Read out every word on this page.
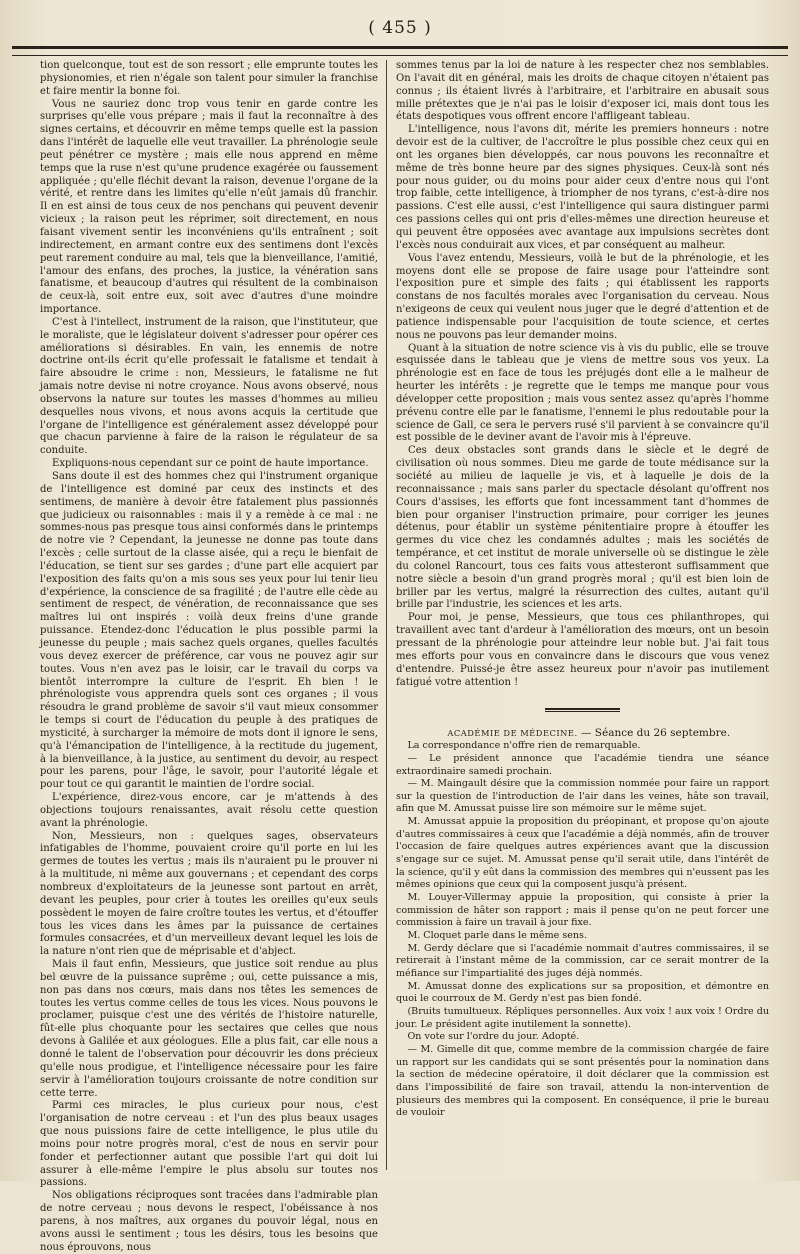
( 455 )

tion quelconque, tout est de son ressort ; elle emprunte toutes les physionomies, et rien n'égale son talent pour simuler la franchise et faire mentir la bonne foi.

Vous ne sauriez donc trop vous tenir en garde contre les surprises qu'elle vous prépare ; mais il faut la reconnaître à des signes certains, et découvrir en même temps quelle est la passion dans l'intérêt de laquelle elle veut travailler. La phrénologie seule peut pénétrer ce mystère ; mais elle nous apprend en même temps que la ruse n'est qu'une prudence exagérée ou faussement appliquée ; qu'elle fléchit devant la raison, devenue l'organe de la vérité, et rentre dans les limites qu'elle n'eût jamais dû franchir. Il en est ainsi de tous ceux de nos penchans qui peuvent devenir vicieux ; la raison peut les réprimer, soit directement, en nous faisant vivement sentir les inconvéniens qu'ils entraînent ; soit indirectement, en armant contre eux des sentimens dont l'excès peut rarement conduire au mal, tels que la bienveillance, l'amitié, l'amour des enfans, des proches, la justice, la vénération sans fanatisme, et beaucoup d'autres qui résultent de la combinaison de ceux-là, soit entre eux, soit avec d'autres d'une moindre importance.

C'est à l'intellect, instrument de la raison, que l'instituteur, que le moraliste, que le législateur doivent s'adresser pour opérer ces améliorations si désirables. En vain, les ennemis de notre doctrine ont-ils écrit qu'elle professait le fatalisme et tendait à faire absoudre le crime : non, Messieurs, le fatalisme ne fut jamais notre devise ni notre croyance. Nous avons observé, nous observons la nature sur toutes les masses d'hommes au milieu desquelles nous vivons, et nous avons acquis la certitude que l'organe de l'intelligence est généralement assez développé pour que chacun parvienne à faire de la raison le régulateur de sa conduite.

Expliquons-nous cependant sur ce point de haute importance.

Sans doute il est des hommes chez qui l'instrument organique de l'intelligence est dominé par ceux des instincts et des sentimens, de manière à devoir être fatalement plus passionnés que judicieux ou raisonnables : mais il y a remède à ce mal : ne sommes-nous pas presque tous ainsi conformés dans le printemps de notre vie ? Cependant, la jeunesse ne donne pas toute dans l'excès ; celle surtout de la classe aisée, qui a reçu le bienfait de l'éducation, se tient sur ses gardes ; d'une part elle acquiert par l'exposition des faits qu'on a mis sous ses yeux pour lui tenir lieu d'expérience, la conscience de sa fragilité ; de l'autre elle cède au sentiment de respect, de vénération, de reconnaissance que ses maîtres lui ont inspirés : voilà deux freins d'une grande puissance. Etendez-donc l'éducation le plus possible parmi la jeunesse du peuple ; mais sachez quels organes, quelles facultés vous devez exercer de préférence, car vous ne pouvez agir sur toutes. Vous n'en avez pas le loisir, car le travail du corps va bientôt interrompre la culture de l'esprit. Eh bien ! le phrénologiste vous apprendra quels sont ces organes ; il vous résoudra le grand problème de savoir s'il vaut mieux consommer le temps si court de l'éducation du peuple à des pratiques de mysticité, à surcharger la mémoire de mots dont il ignore le sens, qu'à l'émancipation de l'intelligence, à la rectitude du jugement, à la bienveillance, à la justice, au sentiment du devoir, au respect pour les parens, pour l'âge, le savoir, pour l'autorité légale et pour tout ce qui garantit le maintien de l'ordre social.

L'expérience, direz-vous encore, car je m'attends à des objections toujours renaissantes, avait résolu cette question avant la phrénologie.

Non, Messieurs, non : quelques sages, observateurs infatigables de l'homme, pouvaient croire qu'il porte en lui les germes de toutes les vertus ; mais ils n'auraient pu le prouver ni à la multitude, ni même aux gouvernans ; et cependant des corps nombreux d'exploitateurs de la jeunesse sont partout en arrêt, devant les peuples, pour crier à toutes les oreilles qu'eux seuls possèdent le moyen de faire croître toutes les vertus, et d'étouffer tous les vices dans les âmes par la puissance de certaines formules consacrées, et d'un merveilleux devant lequel les lois de la nature n'ont rien que de méprisable et d'abject.

Mais il faut enfin, Messieurs, que justice soit rendue au plus bel œuvre de la puissance suprême ; oui, cette puissance a mis, non pas dans nos cœurs, mais dans nos têtes les semences de toutes les vertus comme celles de tous les vices. Nous pouvons le proclamer, puisque c'est une des vérités de l'histoire naturelle, fût-elle plus choquante pour les sectaires que celles que nous devons à Galilée et aux géologues. Elle a plus fait, car elle nous a donné le talent de l'observation pour découvrir les dons précieux qu'elle nous prodigue, et l'intelligence nécessaire pour les faire servir à l'amélioration toujours croissante de notre condition sur cette terre.

Parmi ces miracles, le plus curieux pour nous, c'est l'organisation de notre cerveau : et l'un des plus beaux usages que nous puissions faire de cette intelligence, le plus utile du moins pour notre progrès moral, c'est de nous en servir pour fonder et perfectionner autant que possible l'art qui doit lui assurer à elle-même l'empire le plus absolu sur toutes nos passions.

Nos obligations réciproques sont tracées dans l'admirable plan de notre cerveau ; nous devons le respect, l'obéissance à nos parens, à nos maîtres, aux organes du pouvoir légal, nous en avons aussi le sentiment ; tous les désirs, tous les besoins que nous éprouvons, nous

sommes tenus par la loi de nature à les respecter chez nos semblables. On l'avait dit en général, mais les droits de chaque citoyen n'étaient pas connus ; ils étaient livrés à l'arbitraire, et l'arbitraire en abusait sous mille prétextes que je n'ai pas le loisir d'exposer ici, mais dont tous les états despotiques vous offrent encore l'affligeant tableau.

L'intelligence, nous l'avons dit, mérite les premiers honneurs : notre devoir est de la cultiver, de l'accroître le plus possible chez ceux qui en ont les organes bien développés, car nous pouvons les reconnaître et même de très bonne heure par des signes physiques. Ceux-là sont nés pour nous guider, ou du moins pour aider ceux d'entre nous qui l'ont trop faible, cette intelligence, à triompher de nos tyrans, c'est-à-dire nos passions. C'est elle aussi, c'est l'intelligence qui saura distinguer parmi ces passions celles qui ont pris d'elles-mêmes une direction heureuse et qui peuvent être opposées avec avantage aux impulsions secrètes dont l'excès nous conduirait aux vices, et par conséquent au malheur.

Vous l'avez entendu, Messieurs, voilà le but de la phrénologie, et les moyens dont elle se propose de faire usage pour l'atteindre sont l'exposition pure et simple des faits ; qui établissent les rapports constans de nos facultés morales avec l'organisation du cerveau. Nous n'exigeons de ceux qui veulent nous juger que le degré d'attention et de patience indispensable pour l'acquisition de toute science, et certes nous ne pouvons pas leur demander moins.

Quant à la situation de notre science vis à vis du public, elle se trouve esquissée dans le tableau que je viens de mettre sous vos yeux. La phrénologie est en face de tous les préjugés dont elle a le malheur de heurter les intérêts : je regrette que le temps me manque pour vous développer cette proposition ; mais vous sentez assez qu'après l'homme prévenu contre elle par le fanatisme, l'ennemi le plus redoutable pour la science de Gall, ce sera le pervers rusé s'il parvient à se convaincre qu'il est possible de le deviner avant de l'avoir mis à l'épreuve.

Ces deux obstacles sont grands dans le siècle et le degré de civilisation où nous sommes. Dieu me garde de toute médisance sur la société au milieu de laquelle je vis, et à laquelle je dois de la reconnaissance ; mais sans parler du spectacle désolant qu'offrent nos Cours d'assises, les efforts que font incessamment tant d'hommes de bien pour organiser l'instruction primaire, pour corriger les jeunes détenus, pour établir un système pénitentiaire propre à étouffer les germes du vice chez les condamnés adultes ; mais les sociétés de tempérance, et cet institut de morale universelle où se distingue le zèle du colonel Rancourt, tous ces faits vous attesteront suffisamment que notre siècle a besoin d'un grand progrès moral ; qu'il est bien loin de briller par les vertus, malgré la résurrection des cultes, autant qu'il brille par l'industrie, les sciences et les arts.

Pour moi, je pense, Messieurs, que tous ces philanthropes, qui travaillent avec tant d'ardeur à l'amélioration des mœurs, ont un besoin pressant de la phrénologie pour atteindre leur noble but. J'ai fait tous mes efforts pour vous en convaincre dans le discours que vous venez d'entendre. Puissé-je être assez heureux pour n'avoir pas inutilement fatigué votre attention !

ACADÉMIE DE MÉDECINE. — Séance du 26 septembre.

La correspondance n'offre rien de remarquable.

— Le président annonce que l'académie tiendra une séance extraordinaire samedi prochain.

— M. Maingault désire que la commission nommée pour faire un rapport sur la question de l'introduction de l'air dans les veines, hâte son travail, afin que M. Amussat puisse lire son mémoire sur le même sujet.

M. Amussat appuie la proposition du préopinant, et propose qu'on ajoute d'autres commissaires à ceux que l'académie a déjà nommés, afin de trouver l'occasion de faire quelques autres expériences avant que la discussion s'engage sur ce sujet. M. Amussat pense qu'il serait utile, dans l'intérêt de la science, qu'il y eût dans la commission des membres qui n'eussent pas les mêmes opinions que ceux qui la composent jusqu'à présent.

M. Louyer-Villermay appuie la proposition, qui consiste à prier la commission de hâter son rapport ; mais il pense qu'on ne peut forcer une commission à faire un travail à jour fixe.

M. Cloquet parle dans le même sens.

M. Gerdy déclare que si l'académie nommait d'autres commissaires, il se retirerait à l'instant même de la commission, car ce serait montrer de la méfiance sur l'impartialité des juges déjà nommés.

M. Amussat donne des explications sur sa proposition, et démontre en quoi le courroux de M. Gerdy n'est pas bien fondé.

(Bruits tumultueux. Répliques personnelles. Aux voix ! aux voix ! Ordre du jour. Le président agite inutilement la sonnette).

On vote sur l'ordre du jour. Adopté.

— M. Gimelle dit que, comme membre de la commission chargée de faire un rapport sur les candidats qui se sont présentés pour la nomination dans la section de médecine opératoire, il doit déclarer que la commission est dans l'impossibilité de faire son travail, attendu la non-intervention de plusieurs des membres qui la composent. En conséquence, il prie le bureau de vouloir
